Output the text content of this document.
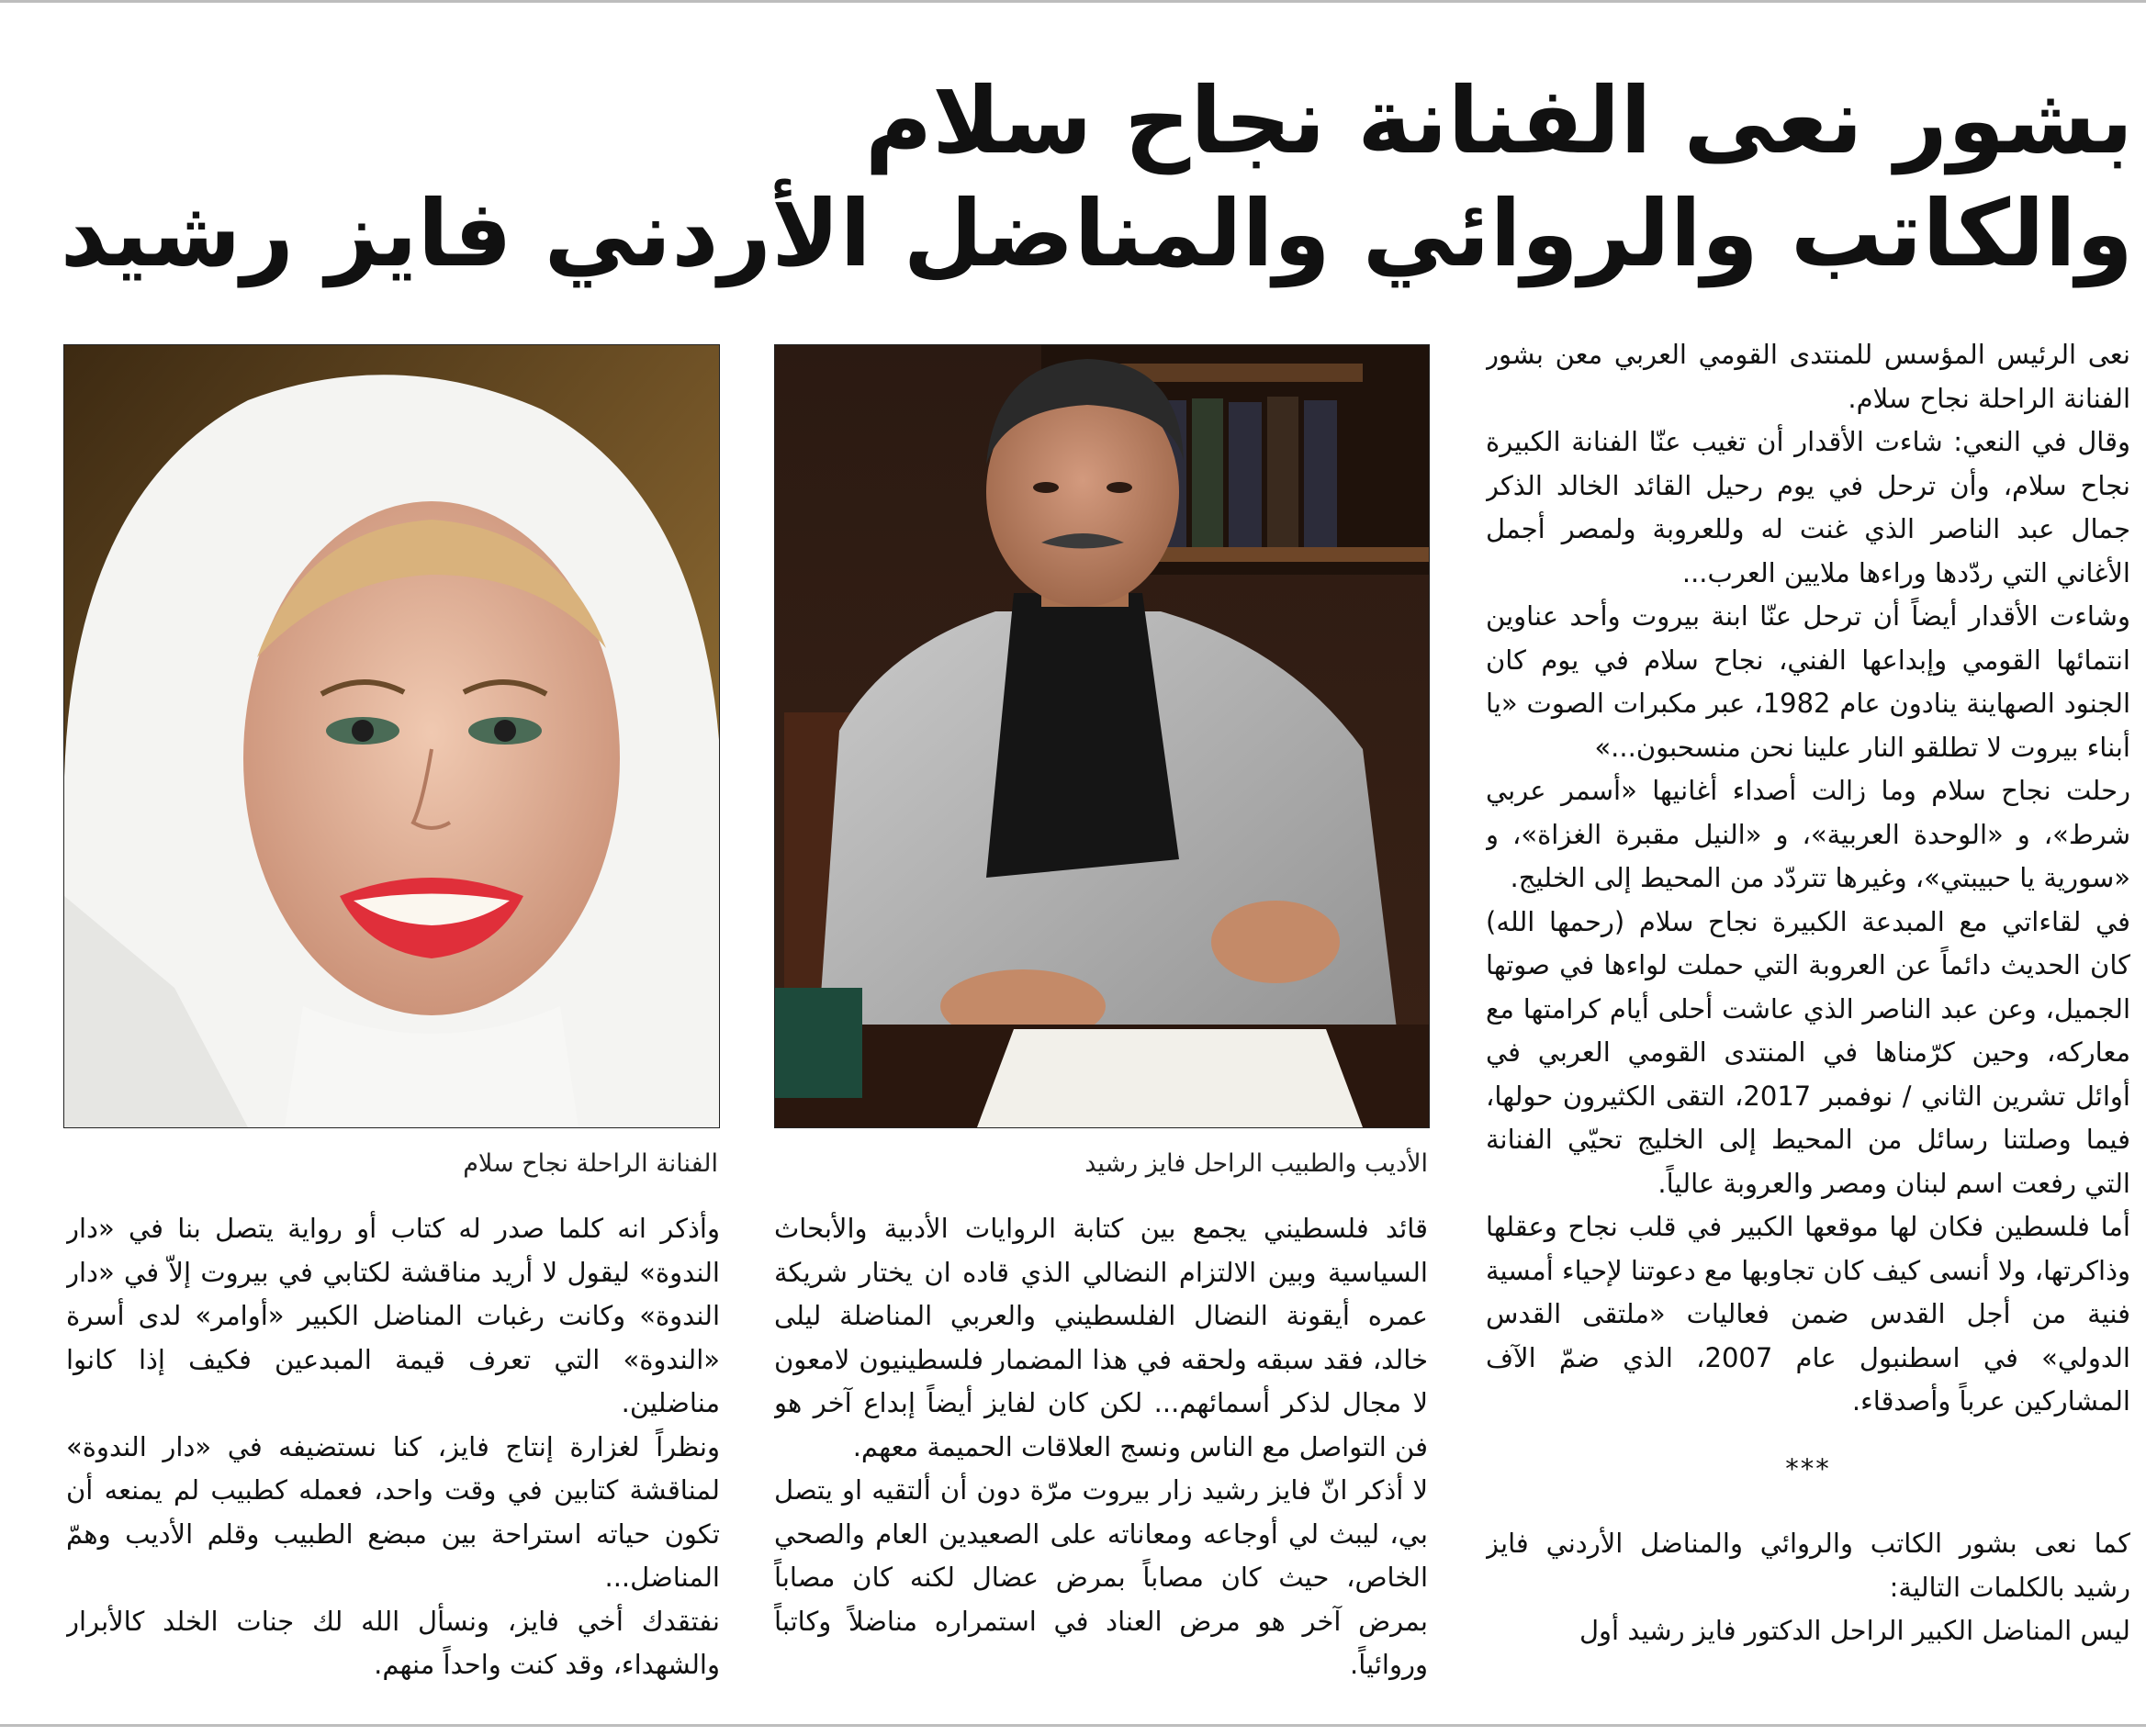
بشور نعى الفنانة نجاح سلام
والكاتب والروائي والمناضل الأردني فايز رشيد

نعى الرئيس المؤسس للمنتدى القومي العربي معن بشور الفنانة الراحلة نجاح سلام.

وقال في النعي: شاءت الأقدار أن تغيب عنّا الفنانة الكبيرة نجاح سلام، وأن ترحل في يوم رحيل القائد الخالد الذكر جمال عبد الناصر الذي غنت له وللعروبة ولمصر أجمل الأغاني التي ردّدها وراءها ملايين العرب...

وشاءت الأقدار أيضاً أن ترحل عنّا ابنة بيروت وأحد عناوين انتمائها القومي وإبداعها الفني، نجاح سلام في يوم كان الجنود الصهاينة ينادون عام 1982، عبر مكبرات الصوت «يا أبناء بيروت لا تطلقو النار علينا نحن منسحبون...»

رحلت نجاح سلام وما زالت أصداء أغانيها «أسمر عربي شرط»، و «الوحدة العربية»، و «النيل مقبرة الغزاة»، و «سورية يا حبيبتي»، وغيرها تتردّد من المحيط إلى الخليج.

في لقاءاتي مع المبدعة الكبيرة نجاح سلام (رحمها الله) كان الحديث دائماً عن العروبة التي حملت لواءها في صوتها الجميل، وعن عبد الناصر الذي عاشت أحلى أيام كرامتها مع معاركه، وحين كرّمناها في المنتدى القومي العربي في أوائل تشرين الثاني / نوفمبر 2017، التقى الكثيرون حولها، فيما وصلتنا رسائل من المحيط إلى الخليج تحيّي الفنانة التي رفعت اسم لبنان ومصر والعروبة عالياً.

أما فلسطين فكان لها موقعها الكبير في قلب نجاح وعقلها وذاكرتها، ولا أنسى كيف كان تجاوبها مع دعوتنا لإحياء أمسية فنية من أجل القدس ضمن فعاليات «ملتقى القدس الدولي» في اسطنبول عام 2007، الذي ضمّ الآف المشاركين عرباً وأصدقاء.

***

كما نعى بشور الكاتب والروائي والمناضل الأردني فايز رشيد بالكلمات التالية:

ليس المناضل الكبير الراحل الدكتور فايز رشيد أول

الأديب والطبيب الراحل فايز رشيد
الفنانة الراحلة نجاح سلام

قائد فلسطيني يجمع بين كتابة الروايات الأدبية والأبحاث السياسية وبين الالتزام النضالي الذي قاده ان يختار شريكة عمره أيقونة النضال الفلسطيني والعربي المناضلة ليلى خالد، فقد سبقه ولحقه في هذا المضمار فلسطينيون لامعون لا مجال لذكر أسمائهم... لكن كان لفايز أيضاً إبداع آخر هو فن التواصل مع الناس ونسج العلاقات الحميمة معهم.

لا أذكر انّ فايز رشيد زار بيروت مرّة دون أن ألتقيه او يتصل بي، ليبث لي أوجاعه ومعاناته على الصعيدين العام والصحي الخاص، حيث كان مصاباً بمرض عضال لكنه كان مصاباً بمرض آخر هو مرض العناد في استمراره مناضلاً وكاتباً وروائياً.

وأذكر انه كلما صدر له كتاب أو رواية يتصل بنا في «دار الندوة» ليقول لا أريد مناقشة لكتابي في بيروت إلاّ في «دار الندوة» وكانت رغبات المناضل الكبير «أوامر» لدى أسرة «الندوة» التي تعرف قيمة المبدعين فكيف إذا كانوا مناضلين.

ونظراً لغزارة إنتاج فايز، كنا نستضيفه في «دار الندوة» لمناقشة كتابين في وقت واحد، فعمله كطبيب لم يمنعه أن تكون حياته استراحة بين مبضع الطبيب وقلم الأديب وهمّ المناضل...

نفتقدك أخي فايز، ونسأل الله لك جنات الخلد كالأبرار والشهداء، وقد كنت واحداً منهم.
